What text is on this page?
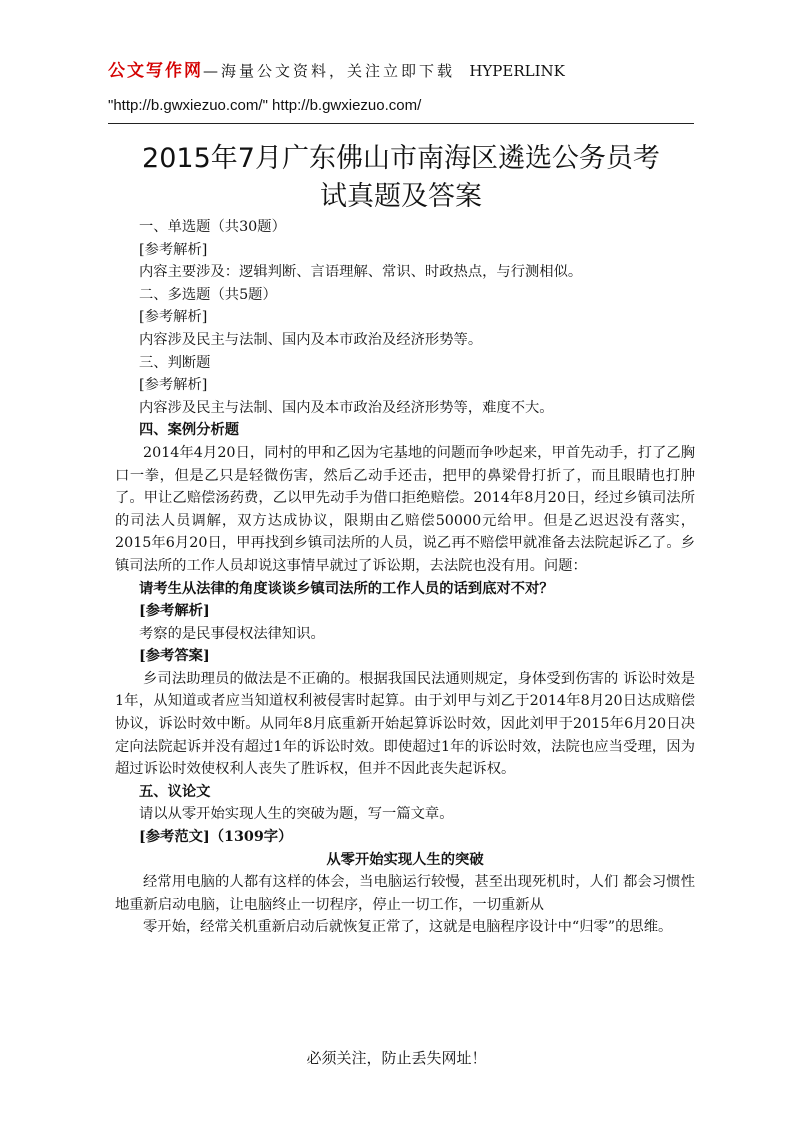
公文写作网—海量公文资料，关注立即下载 HYPERLINK
"http://b.gwxiezuo.com/" http://b.gwxiezuo.com/
2015年7月广东佛山市南海区遴选公务员考
试真题及答案

一、单选题（共30题）

[参考解析]

内容主要涉及：逻辑判断、言语理解、常识、时政热点，与行测相似。

二、多选题（共5题）

[参考解析]

内容涉及民主与法制、国内及本市政治及经济形势等。

三、判断题

[参考解析]

内容涉及民主与法制、国内及本市政治及经济形势等，难度不大。

四、案例分析题

2014年4月20日，同村的甲和乙因为宅基地的问题而争吵起来，甲首先动手，打了乙胸口一拳，但是乙只是轻微伤害，然后乙动手还击，把甲的鼻梁骨打折了，而且眼睛也打肿了。甲让乙赔偿汤药费，乙以甲先动手为借口拒绝赔偿。2014年8月20日，经过乡镇司法所的司法人员调解，双方达成协议，限期由乙赔偿50000元给甲。但是乙迟迟没有落实，2015年6月20日，甲再找到乡镇司法所的人员，说乙再不赔偿甲就准备去法院起诉乙了。乡镇司法所的工作人员却说这事情早就过了诉讼期，去法院也没有用。问题：

请考生从法律的角度谈谈乡镇司法所的工作人员的话到底对不对？

[参考解析]

考察的是民事侵权法律知识。

[参考答案]

乡司法助理员的做法是不正确的。根据我国民法通则规定，身体受到伤害的 诉讼时效是1年，从知道或者应当知道权利被侵害时起算。由于刘甲与刘乙于2014年8月20日达成赔偿协议，诉讼时效中断。从同年8月底重新开始起算诉讼时效，因此刘甲于2015年6月20日决定向法院起诉并没有超过1年的诉讼时效。即使超过1年的诉讼时效，法院也应当受理，因为超过诉讼时效使权利人丧失了胜诉权，但并不因此丧失起诉权。

五、议论文

请以从零开始实现人生的突破为题，写一篇文章。

[参考范文]（1309字）

从零开始实现人生的突破

经常用电脑的人都有这样的体会，当电脑运行较慢，甚至出现死机时，人们 都会习惯性地重新启动电脑，让电脑终止一切程序，停止一切工作，一切重新从

零开始，经常关机重新启动后就恢复正常了，这就是电脑程序设计中“归零”的思维。

必须关注，防止丢失网址！
